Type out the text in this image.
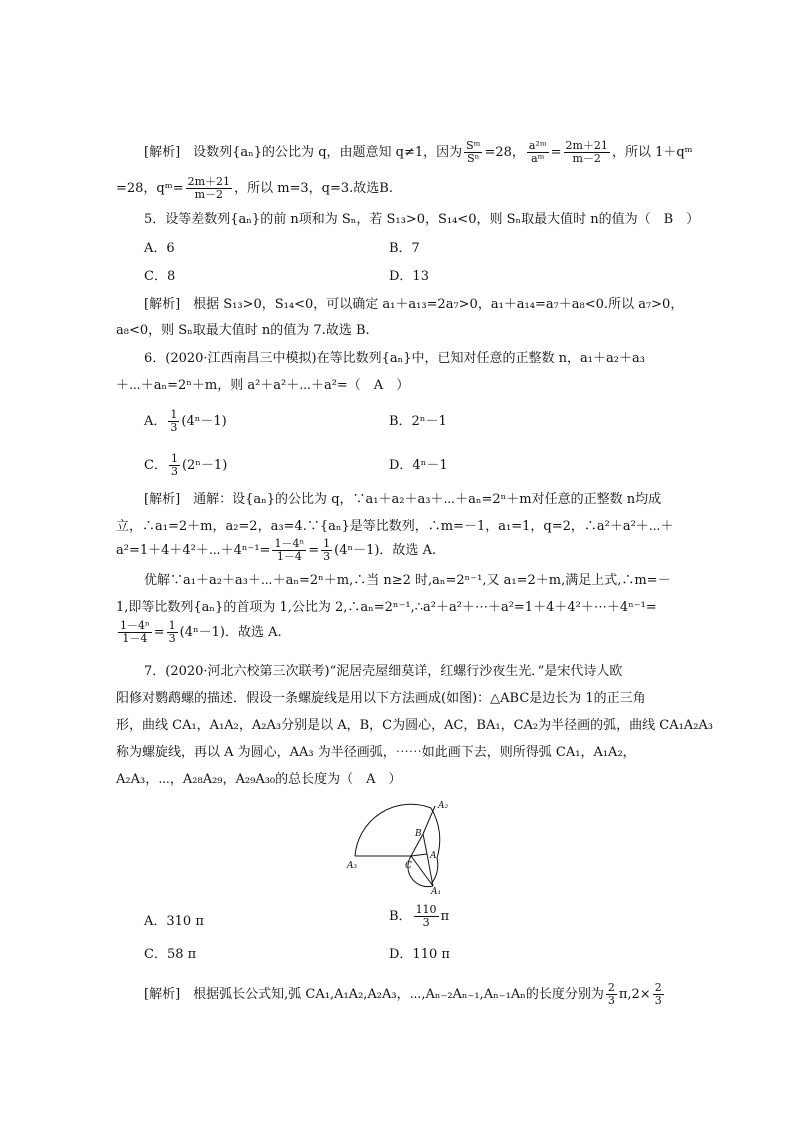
[解析]　设数列{aₙ}的公比为 q，由题意知 q≠1，因为 $\frac{\text{Sᵐ}}{\text{Sⁿ}} =28$， $\frac{\text{a²ᵐ}}{\text{aᵐ}} = \frac{2m+21}{m-2}$ ，所以 1＋qᵐ
=28，qᵐ= $\frac{2m+21}{m-2}$ ，所以 m=3，q=3.故选B.
5．设等差数列{aₙ}的前 n项和为 Sₙ，若 S₁₃>0，S₁₄<0，则 Sₙ取最大值时 n的值为（　B　）
A．6	B．7
C．8	D．13
[解析]　根据 S₁₃>0，S₁₄<0，可以确定 a₁＋a₁₃=2a₇>0，a₁＋a₁₄=a₇＋a₈<0.所以 a₇>0，
a₈<0，则 Sₙ取最大值时 n的值为 7.故选 B.
6．(2020·江西南昌三中模拟)在等比数列{aₙ}中，已知对任意的正整数 n，a₁＋a₂＋a₃
＋⋯＋aₙ=2ⁿ＋m，则 a²＋a²＋⋯＋a²=（　A　）
A． $\frac{1}{3} (4^n-1)$	B．2ⁿ－1
C． $\frac{1}{3} (2^n-1)$	D．4ⁿ－1
[解析]　通解：设{aₙ}的公比为 q，∵a₁＋a₂＋a₃＋⋯＋aₙ=2ⁿ＋m对任意的正整数 n均成
立，∴a₁=2＋m，a₂=2，a₃=4.∵{aₙ}是等比数列，∴m=－1，a₁=1，q=2，∴a²＋a²＋⋯＋
a²=1＋4＋4²＋⋯＋4ⁿ⁻¹= $\frac{\text{1－4ⁿ}}{1-4} = \frac{1}{3} (4^n-1)$．故选 A.
优解∵a₁＋a₂＋a₃＋⋯＋aₙ=2ⁿ＋m,∴当 n≥2 时,aₙ=2ⁿ⁻¹,又 a₁=2＋m,满足上式,∴m=－
1,即等比数列{aₙ}的首项为 1,公比为 2,∴aₙ=2ⁿ⁻¹,∴a²＋a²＋⋯＋a²=1＋4＋4²＋⋯＋4ⁿ⁻¹=
$\frac{\text{1－4ⁿ}}{1-4} = \frac{1}{3} (4^n-1)$．故选 A.
7．(2020·河北六校第三次联考)“泥居壳屋细莫详，红螺行沙夜生光．”是宋代诗人欧
阳修对鹦鹉螺的描述．假设一条螺旋线是用以下方法画成(如图)：△ABC是边长为 1的正三角
形，曲线 CA₁，A₁A₂，A₂A₃分别是以 A，B，C为圆心，AC，BA₁，CA₂为半径画的弧，曲线 CA₁A₂A₃
称为螺旋线，再以 A 为圆心，AA₃ 为半径画弧，⋯⋯如此画下去，则所得弧 CA₁，A₁A₂，
A₂A₃，⋯，A₂₈A₂₉，A₂₉A₃₀的总长度为（　A　）
A₂
B
A
C
A₃
A₁
A．310 π	B． $\frac{110}{3}$ π
C．58 π	D．110 π
[解析]　根据弧长公式知,弧 CA₁,A₁A₂,A₂A₃，⋯,Aₙ₋₂Aₙ₋₁,Aₙ₋₁Aₙ的长度分别为 $\frac{2}{3} \pi,2\times \frac{2}{3}$
